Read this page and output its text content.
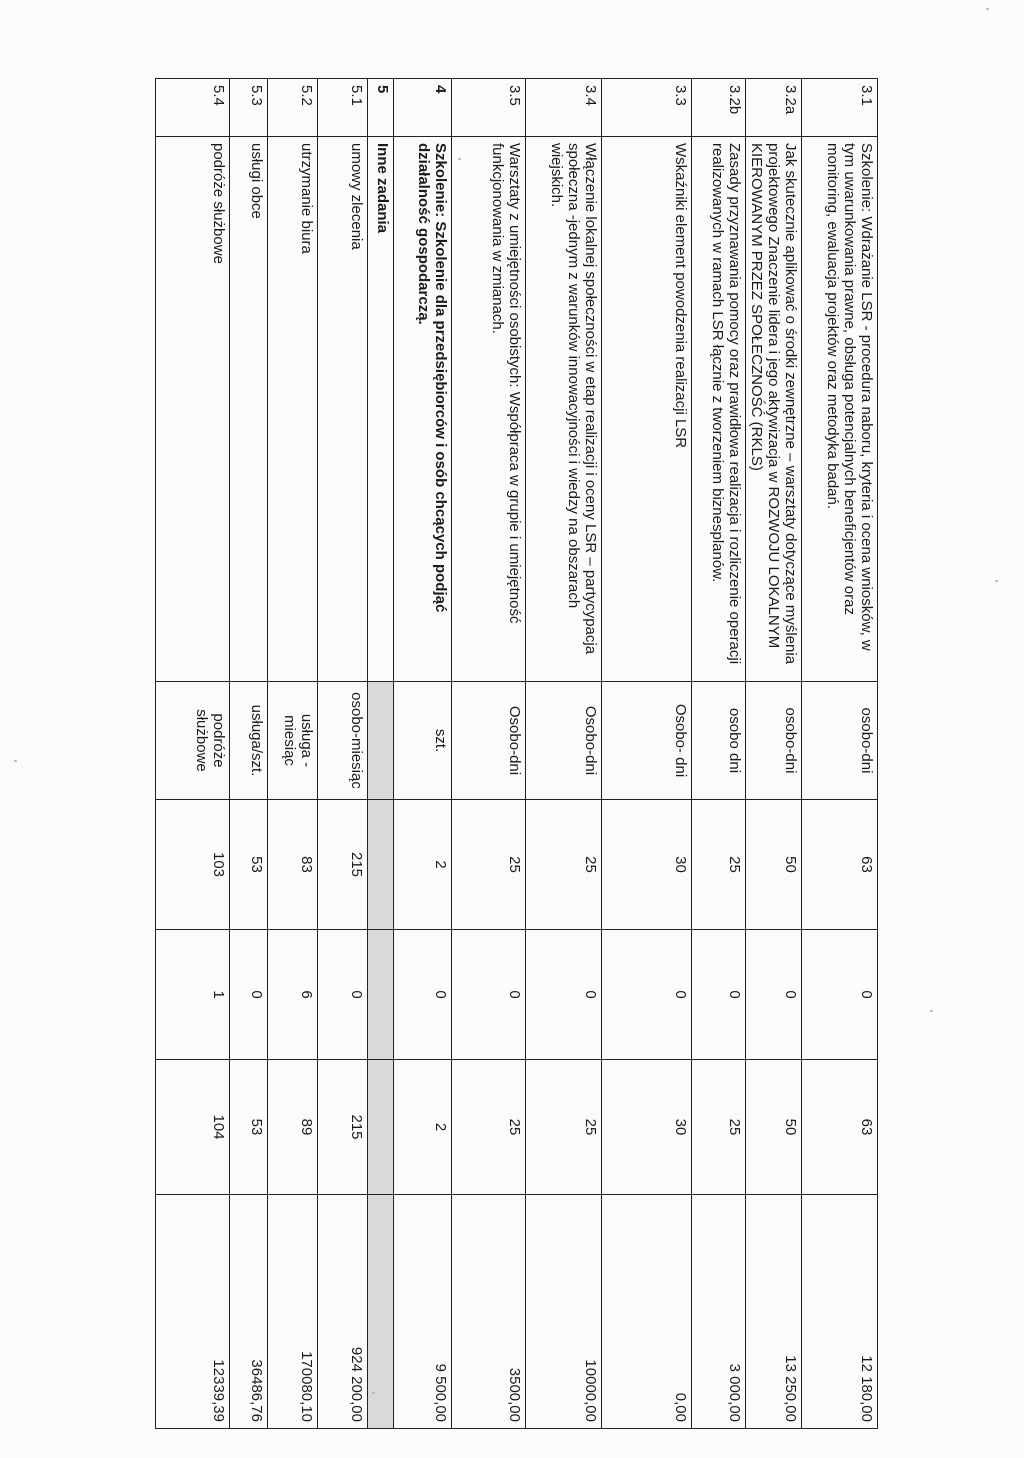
3.1	Szkolenie: Wdrażanie LSR - procedura naboru, kryteria i ocena wniosków, w tym uwarunkowania prawne, obsługa potencjalnych beneficjentów oraz monitoring, ewaluacja projektów oraz metodyka badań.	osobo-dni	63	0	63	12 180,00
3.2a	Jak skutecznie aplikować o środki zewnętrzne – warsztaty dotyczące myślenia projektowego Znaczenie lidera i jego aktywizacja w ROZWOJU LOKALNYM KIEROWANYM PRZEZ SPOŁECZNOŚĆ (RKLS)	osobo-dni	50	0	50	13 250,00
3.2b	Zasady przyznawania pomocy oraz prawidłowa realizacja i rozliczenie operacji realizowanych w ramach LSR łącznie z tworzeniem biznesplanów.	osobo dni	25	0	25	3 000,00
3.3	Wskaźniki element powodzenia realizacji LSR	Osobo- dni	30	0	30	0,00
3.4	Włączenie lokalnej społeczności w etap realizacji i oceny LSR – partycypacja społeczna -jednym z warunków innowacyjności i wiedzy na obszarach wiejskich.	Osobo-dni	25	0	25	10000,00
3.5	Warsztaty z umiejętności osobistych: Współpraca w grupie i umiejętność funkcjonowania w zmianach.	Osobo-dni	25	0	25	3500,00
4	Szkolenie: Szkolenie dla przedsiębiorców i osób chcących podjąć działalność gospodarczą.	szt.	2	0	2	9 500,00
5	Inne zadania					
5.1	umowy zlecenia	osobo-miesiąc	215	0	215	924 200,00
5.2	utrzymanie biura	usługa - miesiąc	83	6	89	170080,10
5.3	usługi obce	usługa/szt.	53	0	53	36486,76
5.4	podróże służbowe	podróże służbowe	103	1	104	12339,39
